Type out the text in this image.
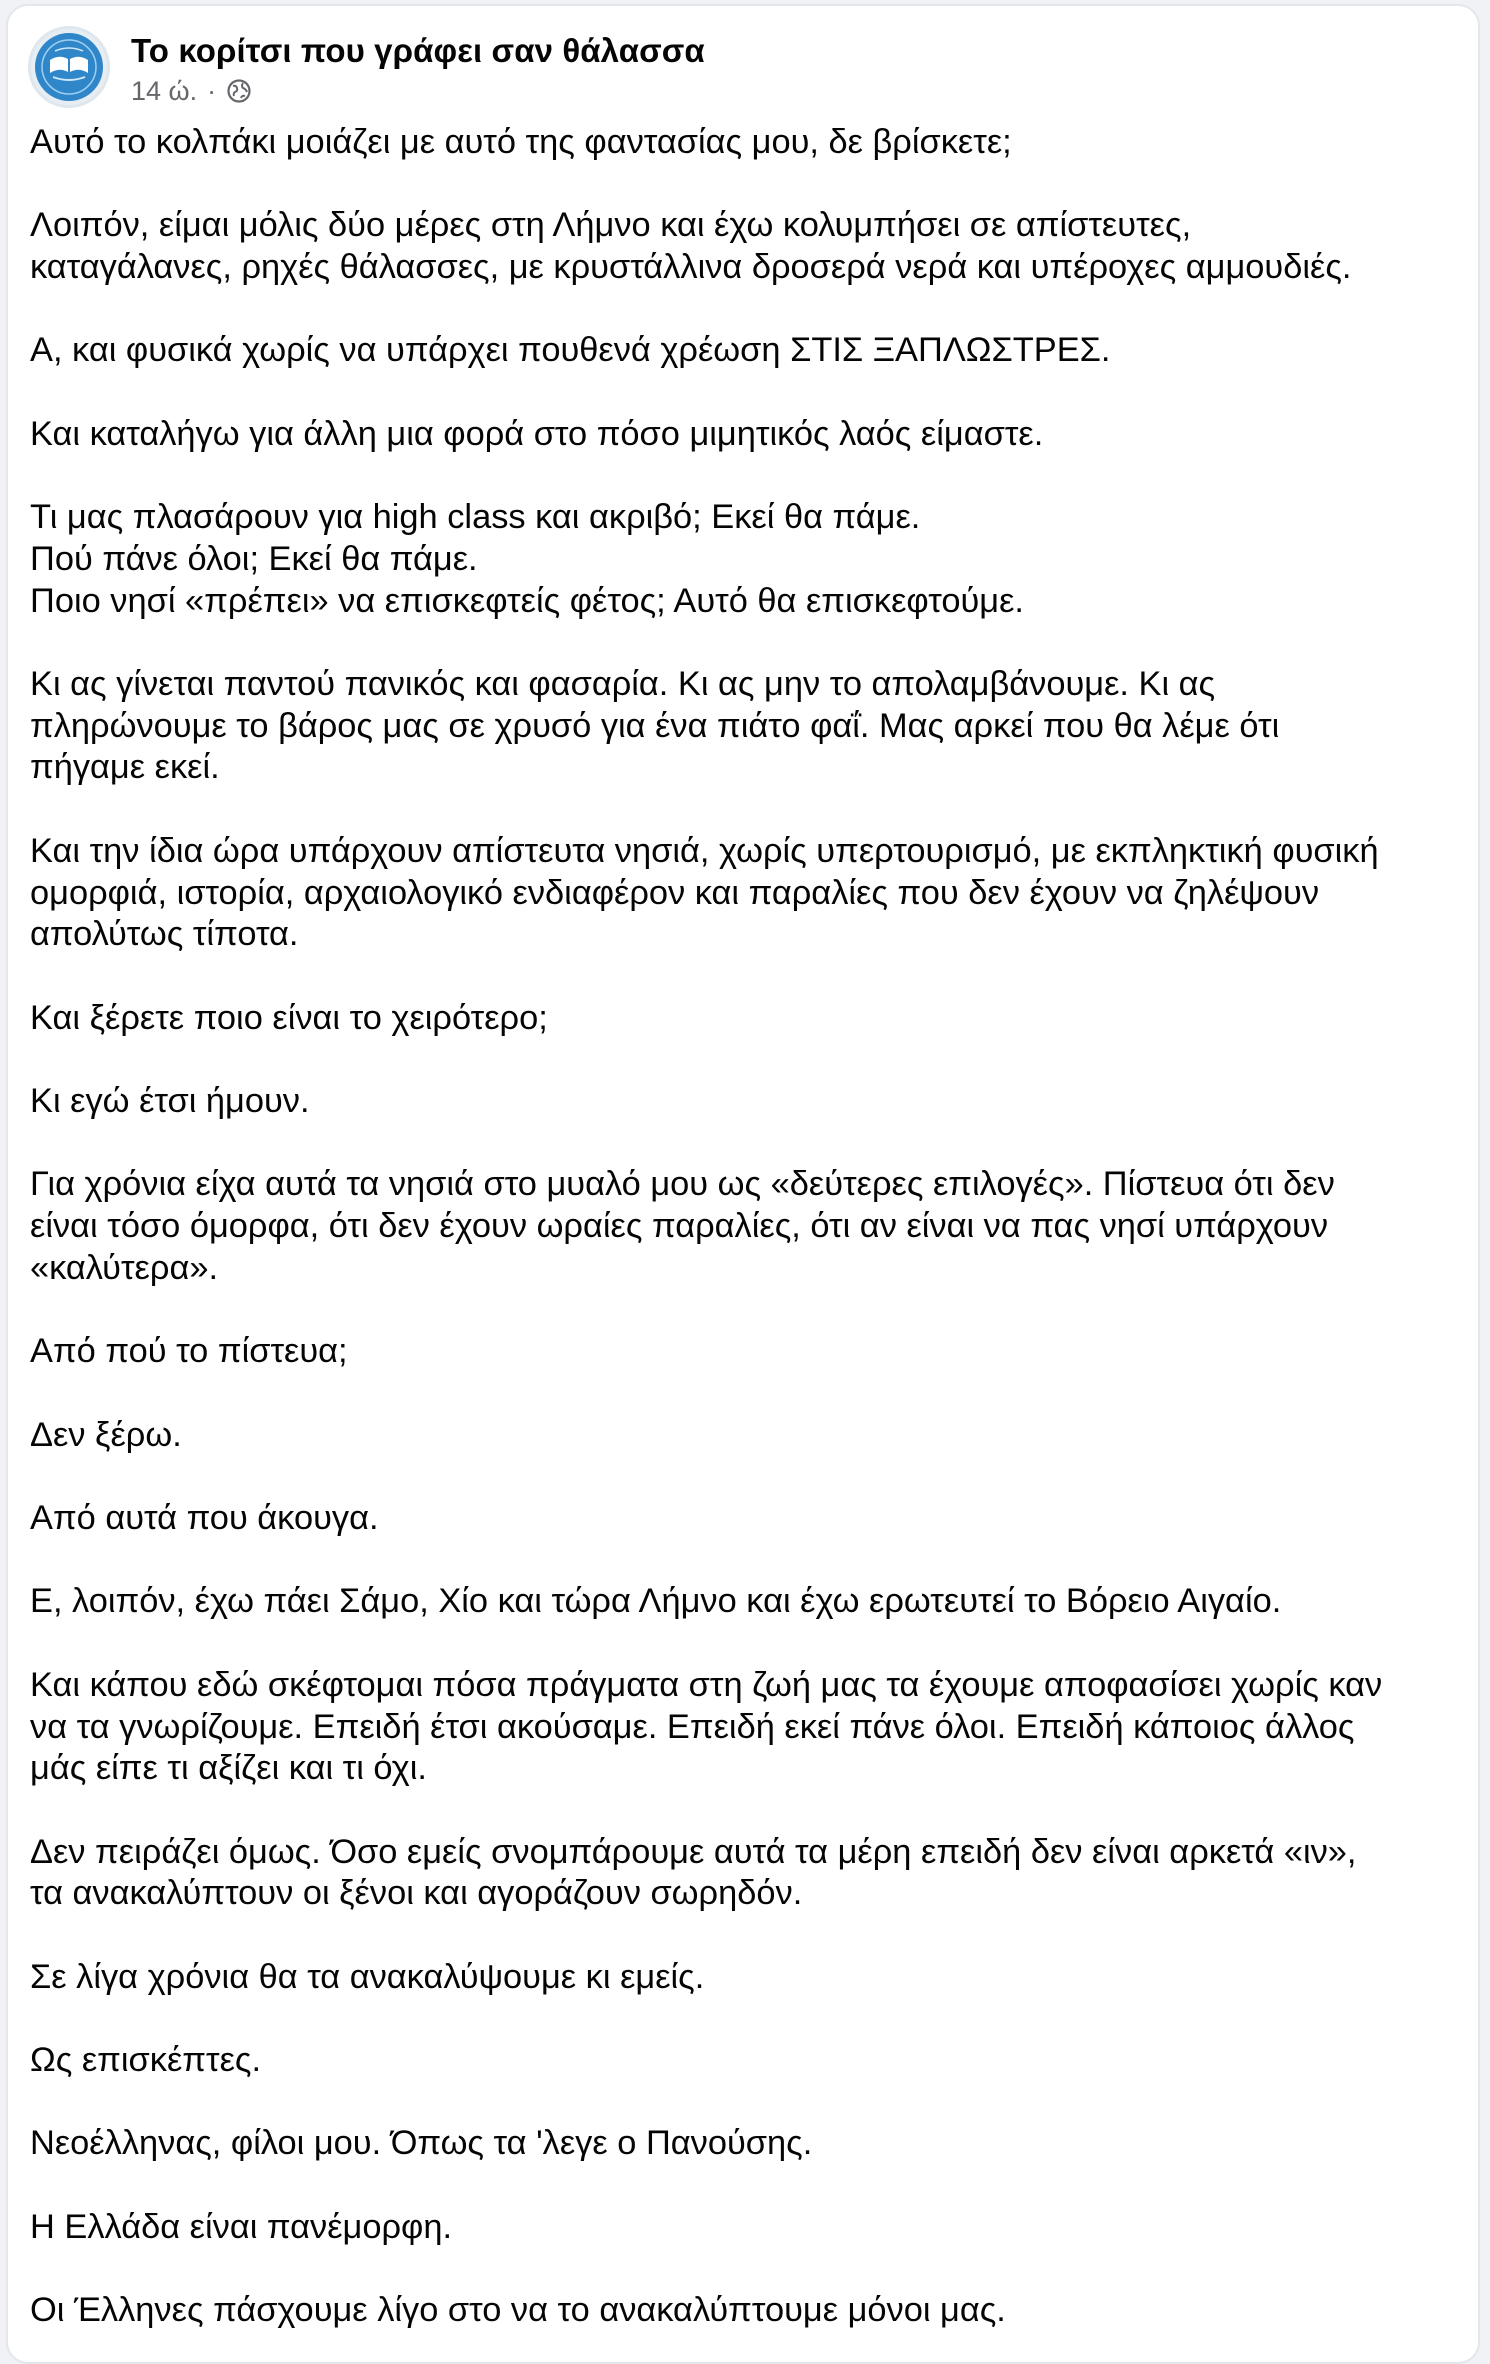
Το κορίτσι που γράφει σαν θάλασσα
14 ώ. ·
Αυτό το κολπάκι μοιάζει με αυτό της φαντασίας μου, δε βρίσκετε;
Λοιπόν, είμαι μόλις δύο μέρες στη Λήμνο και έχω κολυμπήσει σε απίστευτες,
καταγάλανες, ρηχές θάλασσες, με κρυστάλλινα δροσερά νερά και υπέροχες αμμουδιές.
Α, και φυσικά χωρίς να υπάρχει πουθενά χρέωση ΣΤΙΣ ΞΑΠΛΩΣΤΡΕΣ.
Και καταλήγω για άλλη μια φορά στο πόσο μιμητικός λαός είμαστε.
Τι μας πλασάρουν για high class και ακριβό; Εκεί θα πάμε.
Πού πάνε όλοι; Εκεί θα πάμε.
Ποιο νησί «πρέπει» να επισκεφτείς φέτος; Αυτό θα επισκεφτούμε.
Κι ας γίνεται παντού πανικός και φασαρία. Κι ας μην το απολαμβάνουμε. Κι ας
πληρώνουμε το βάρος μας σε χρυσό για ένα πιάτο φαΐ. Μας αρκεί που θα λέμε ότι
πήγαμε εκεί.
Και την ίδια ώρα υπάρχουν απίστευτα νησιά, χωρίς υπερτουρισμό, με εκπληκτική φυσική
ομορφιά, ιστορία, αρχαιολογικό ενδιαφέρον και παραλίες που δεν έχουν να ζηλέψουν
απολύτως τίποτα.
Και ξέρετε ποιο είναι το χειρότερο;
Κι εγώ έτσι ήμουν.
Για χρόνια είχα αυτά τα νησιά στο μυαλό μου ως «δεύτερες επιλογές». Πίστευα ότι δεν
είναι τόσο όμορφα, ότι δεν έχουν ωραίες παραλίες, ότι αν είναι να πας νησί υπάρχουν
«καλύτερα».
Από πού το πίστευα;
Δεν ξέρω.
Από αυτά που άκουγα.
Ε, λοιπόν, έχω πάει Σάμο, Χίο και τώρα Λήμνο και έχω ερωτευτεί το Βόρειο Αιγαίο.
Και κάπου εδώ σκέφτομαι πόσα πράγματα στη ζωή μας τα έχουμε αποφασίσει χωρίς καν
να τα γνωρίζουμε. Επειδή έτσι ακούσαμε. Επειδή εκεί πάνε όλοι. Επειδή κάποιος άλλος
μάς είπε τι αξίζει και τι όχι.
Δεν πειράζει όμως. Όσο εμείς σνομπάρουμε αυτά τα μέρη επειδή δεν είναι αρκετά «ιν»,
τα ανακαλύπτουν οι ξένοι και αγοράζουν σωρηδόν.
Σε λίγα χρόνια θα τα ανακαλύψουμε κι εμείς.
Ως επισκέπτες.
Νεοέλληνας, φίλοι μου. Όπως τα 'λεγε ο Πανούσης.
Η Ελλάδα είναι πανέμορφη.
Οι Έλληνες πάσχουμε λίγο στο να το ανακαλύπτουμε μόνοι μας.
